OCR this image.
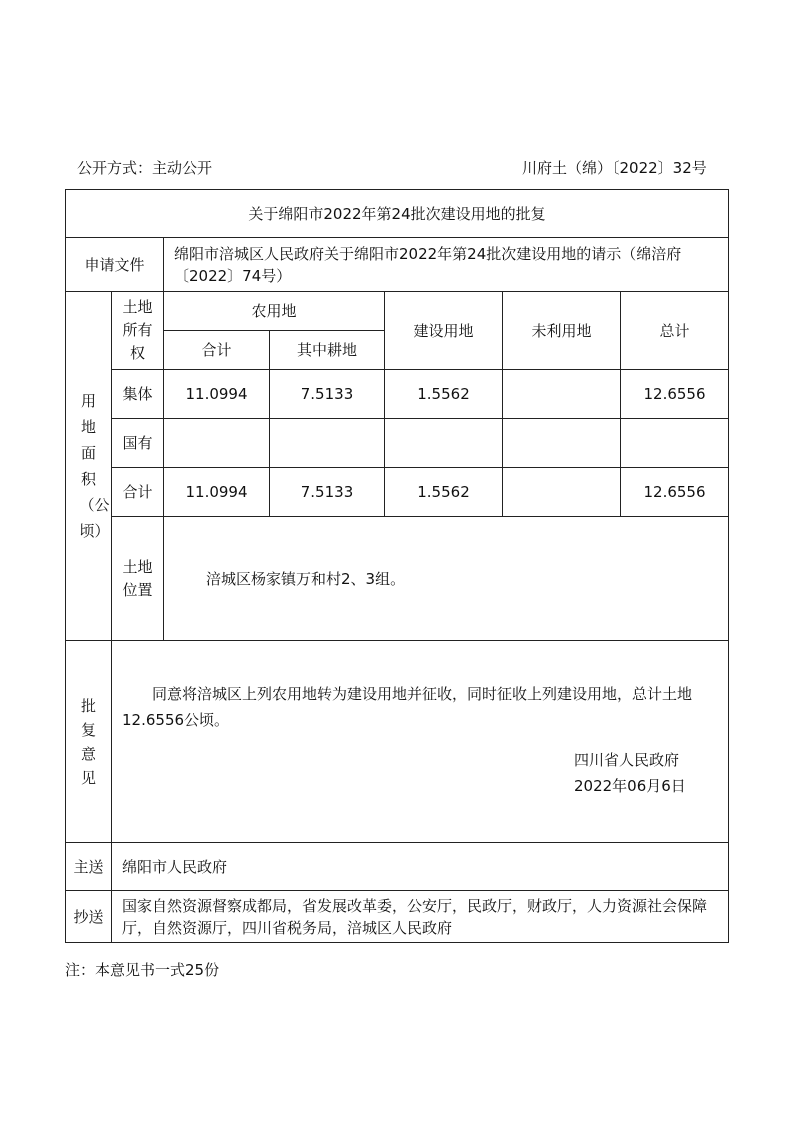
公开方式：主动公开	川府土（绵）〔2022〕32号
关于绵阳市2022年第24批次建设用地的批复						
申请文件		绵阳市涪城区人民政府关于绵阳市2022年第24批次建设用地的请示（绵涪府〔2022〕74号）				
用地面积（公顷）	土地所有权	农用地		建设用地	未利用地	总计
		合计	其中耕地			
	集体	11.0994	7.5133	1.5562		12.6556
	国有					
	合计	11.0994	7.5133	1.5562		12.6556
	土地位置	涪城区杨家镇万和村2、3组。				
批复意见	同意将涪城区上列农用地转为建设用地并征收，同时征收上列建设用地，总计土地12.6556公顷。

四川省人民政府
2022年06月6日					

主送	绵阳市人民政府					
抄送	国家自然资源督察成都局，省发展改革委，公安厅，民政厅，财政厅，人力资源社会保障厅，自然资源厅，四川省税务局，涪城区人民政府					
注：本意见书一式25份
